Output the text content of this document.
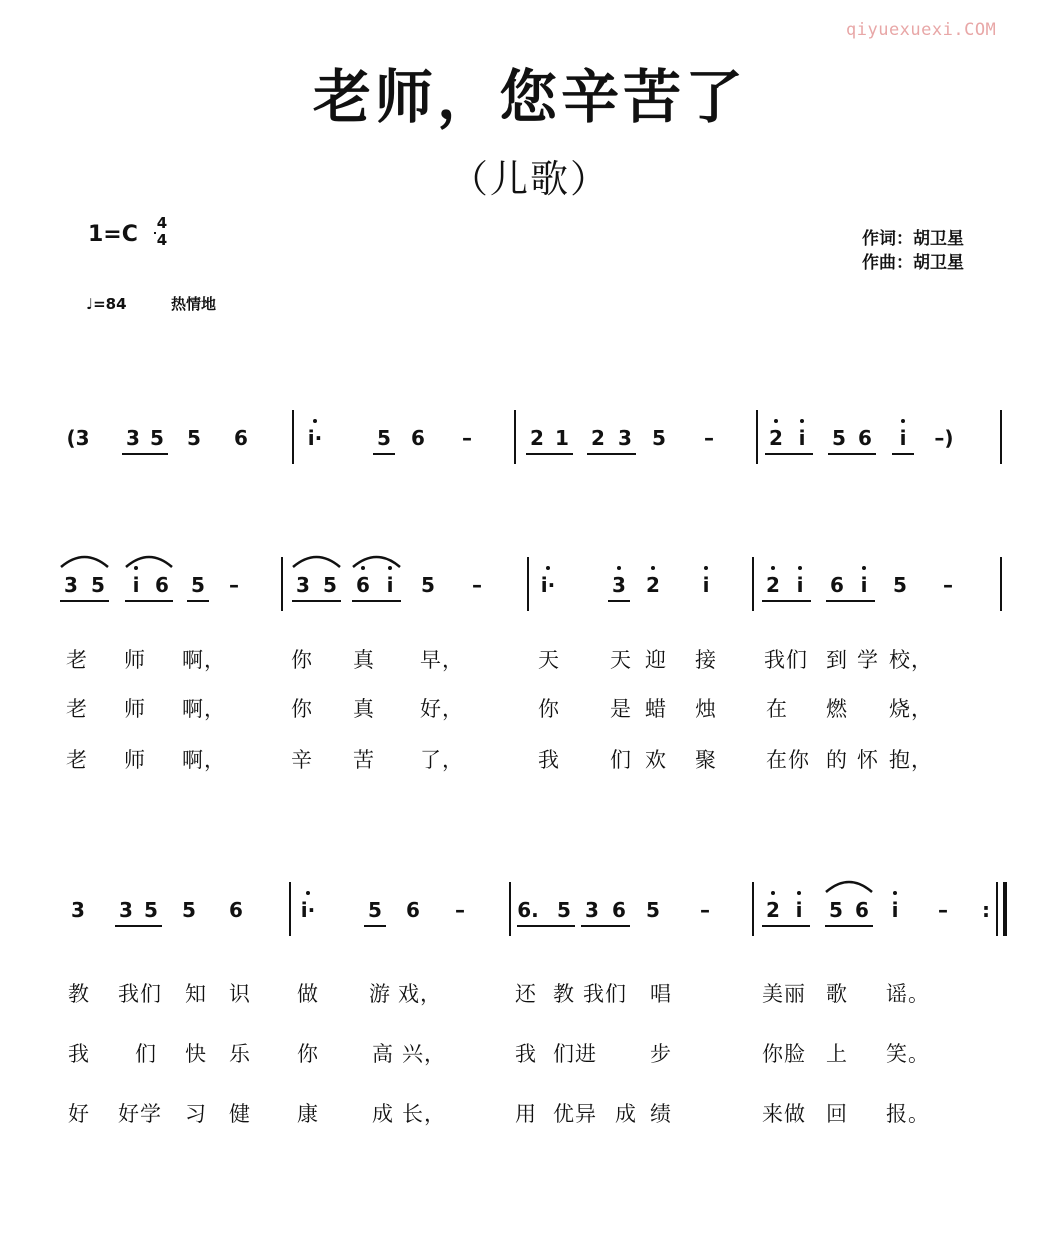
qiyuexuexi.COM
老师，您辛苦了
（儿歌）
1=C 4
4
♩=84	热情地
作词：胡卫星
作曲：胡卫星
(3	3 5	5	6	i·	5	6	–	2 1	2 3	5	–	2 i	5 6	i	–)
3 5	i 6	5	–	3 5 6 i	5	–	i·	3	2	i	2 i	6 i	5	–
3	3 5	5	6	i·	5	6	–	6. 5 3 6	5	–	2 i	5 6	i	–	:
老 师 啊，	你 真 早，	天 天 迎 接 我们 到 学 校，
老 师 啊，	你 真 好，	你 是 蜡 烛 在 燃 烧，
老 师 啊，	辛 苦 了，	我 们 欢 聚 在你 的 怀 抱，
教 我们 知 识 做 游 戏，	还 教 我们 唱	美丽 歌 谣。
我 们 快 乐 你	高 兴，	我 们进	步	你脸 上 笑。
好 好学 习 健 康	成 长，	用 优异 成 绩	来做 回 报。
